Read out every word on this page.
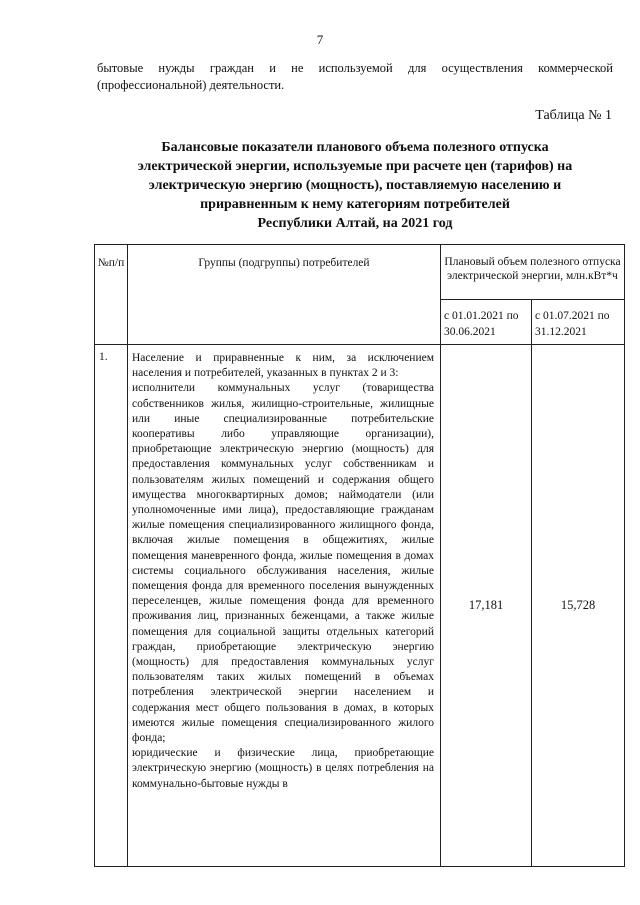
7
бытовые нужды граждан и не используемой для осуществления коммерческой (профессиональной) деятельности.
Таблица № 1
Балансовые показатели планового объема полезного отпуска
электрической энергии, используемые при расчете цен (тарифов) на
электрическую энергию (мощность), поставляемую населению и
приравненным к нему категориям потребителей
Республики Алтай, на 2021 год
№п/п	Группы (подгруппы) потребителей	Плановый объем полезного отпуска электрической энергии, млн.кВт*ч	
		с 01.01.2021 по 30.06.2021	с 01.07.2021 по 31.12.2021
1.	Население и приравненные к ним, за исключением населения и потребителей, указанных в пунктах 2 и 3:

исполнители коммунальных услуг (товарищества собственников жилья, жилищно-строительные, жилищные или иные специализированные потребительские кооперативы либо управляющие организации), приобретающие электрическую энергию (мощность) для предоставления коммунальных услуг собственникам и пользователям жилых помещений и содержания общего имущества многоквартирных домов; наймодатели (или уполномоченные ими лица), предоставляющие гражданам жилые помещения специализированного жилищного фонда, включая жилые помещения в общежитиях, жилые помещения маневренного фонда, жилые помещения в домах системы социального обслуживания населения, жилые помещения фонда для временного поселения вынужденных переселенцев, жилые помещения фонда для временного проживания лиц, признанных беженцами, а также жилые помещения для социальной защиты отдельных категорий граждан, приобретающие электрическую энергию (мощность) для предоставления коммунальных услуг пользователям таких жилых помещений в объемах потребления электрической энергии населением и содержания мест общего пользования в домах, в которых имеются жилые помещения специализированного жилого фонда;

юридические и физические лица, приобретающие электрическую энергию (мощность) в целях потребления на коммунально-бытовые нужды в	17,181	15,728
